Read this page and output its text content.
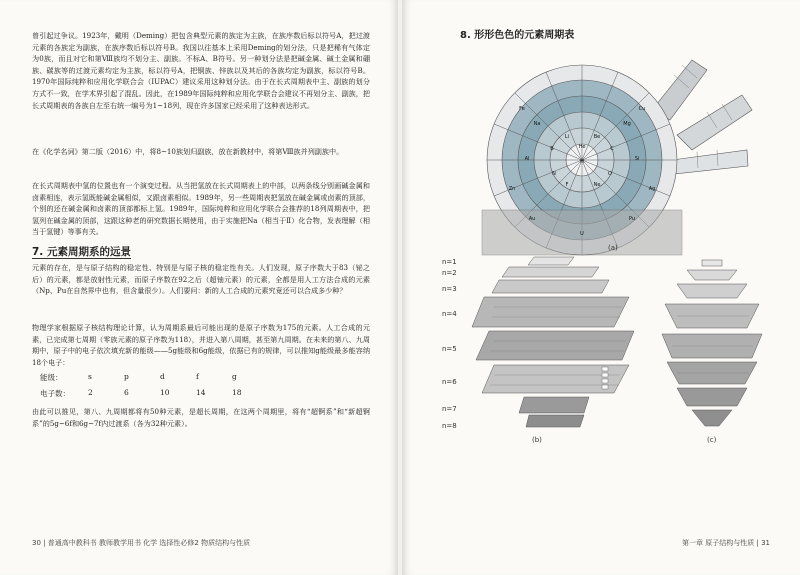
曾引起过争议。1923年，戴明（Deming）把包含典型元素的族定为主族，在族序数后标以符号A，把过渡元素的各族定为副族，在族序数后标以符号B。我国以往基本上采用Deming的划分法，只是把稀有气体定为0族，而且对它和第Ⅷ族均不划分主、副族。不标A、B符号。另一种划分法是把碱金属、碱土金属和硼族、碳族等的过渡元素均定为主族，标以符号A，把铜族、锌族以及其后的各族均定为副族，标以符号B。1970年国际纯粹和应用化学联合会（IUPAC）建议采用这种划分法。由于在长式周期表中主、副族的划分方式不一致，在学术界引起了混乱。因此，在1989年国际纯粹和应用化学联合会建议不再划分主、副族，把长式周期表的各族自左至右统一编号为1~18列，现在许多国家已经采用了这种表达形式。

在《化学名词》第二版（2016）中，将8~10族划归副族，放在新教材中，将第Ⅷ族并列副族中。

在长式周期表中氢的位置也有一个演变过程。从当把氢放在长式周期表上的中部，以两条线分别画碱金属和卤素相连，表示氢既能碱金属相似，又跟卤素相似。1989年，另一些周期表把氢放在碱金属或卤素的顶部，个别的还在碱金属和卤素的顶部都标上氢。1989年，国际纯粹和应用化学联合会推荐的18列周期表中，把氢列在碱金属的顶部，这跟这种老的研究数据长期使用，由于实施把Na（相当于Ⅱ）化合物，发表理解（相当于氢键）等事有关。

7. 元素周期系的远景

元素的存在，是与原子结构的稳定性、特别是与原子核的稳定性有关。人们发现，原子序数大于83（铋之后）的元素，都是放射性元素，而原子序数在92之后（超铀元素）的元素，全都是用人工方法合成的元素（Np、Pu在自然界中也有，但含量很少）。人们要问：新的人工合成的元素究竟还可以合成多少种？

物理学家根据原子核结构理论计算，认为周期系最后可能出现的是原子序数为175的元素。人工合成的元素，已完成第七周期（零族元素的原子序数为118），并进入第八周期，甚至第九周期。在未来的第八、九周期中，原子中的电子依次填充新的能级——5g能级和6g能级，依据已有的规律，可以推知g能级最多能容纳18个电子：

能级：	s	p	d	f	g
电子数：	2	6	10	14	18

由此可以推见，第八、九周期都将有50种元素，是超长周期，在这两个周期里，将有“超锕系”和“新超锕系”的5g~6f和6g~7f内过渡系（各为32种元素）。

30 | 普通高中教科书 教师教学用书 化学 选择性必修2 物质结构与性质
8. 形形色色的元素周期表
H
He
Li	Be
B	C
N	O
F	Ne
Na	Mg
Al	Si
Fe	Cu
Zn	Ag
Au
U
Pu
(a)
n=1
n=2
n=3
n=4
n=5
n=6
n=7
n=8
(b)	(c)
第一章 原子结构与性质 | 31
